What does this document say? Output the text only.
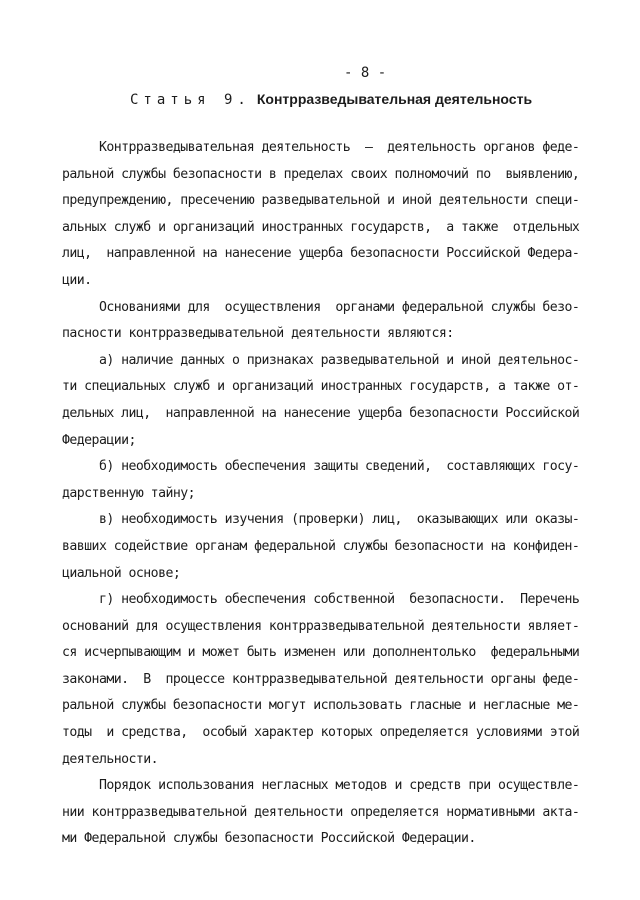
- 8 -
Статья 9. Контрразведывательная деятельность
Контрразведывательная деятельность  –  деятельность органов феде-
ральной службы безопасности в пределах своих полномочий по  выявлению,
предупреждению, пресечению разведывательной и иной деятельности специ-
альных служб и организаций иностранных государств,  а также  отдельных
лиц,  направленной на нанесение ущерба безопасности Российской Федера-
ции.
Основаниями для  осуществления  органами федеральной службы безо-
пасности контрразведывательной деятельности являются:
а) наличие данных о признаках разведывательной и иной деятельнос-
ти специальных служб и организаций иностранных государств, а также от-
дельных лиц,  направленной на нанесение ущерба безопасности Российской
Федерации;
б) необходимость обеспечения защиты сведений,  составляющих госу-
дарственную тайну;
в) необходимость изучения (проверки) лиц,  оказывающих или оказы-
вавших содействие органам федеральной службы безопасности на конфиден-
циальной основе;
г) необходимость обеспечения собственной  безопасности.  Перечень
оснований для осуществления контрразведывательной деятельности являет-
ся исчерпывающим и может быть изменен или дополнентолько  федеральными
законами.  В  процессе контрразведывательной деятельности органы феде-
ральной службы безопасности могут использовать гласные и негласные ме-
тоды  и средства,  особый характер которых определяется условиями этой
деятельности.
Порядок использования негласных методов и средств при осуществле-
нии контрразведывательной деятельности определяется нормативными акта-
ми Федеральной службы безопасности Российской Федерации.
